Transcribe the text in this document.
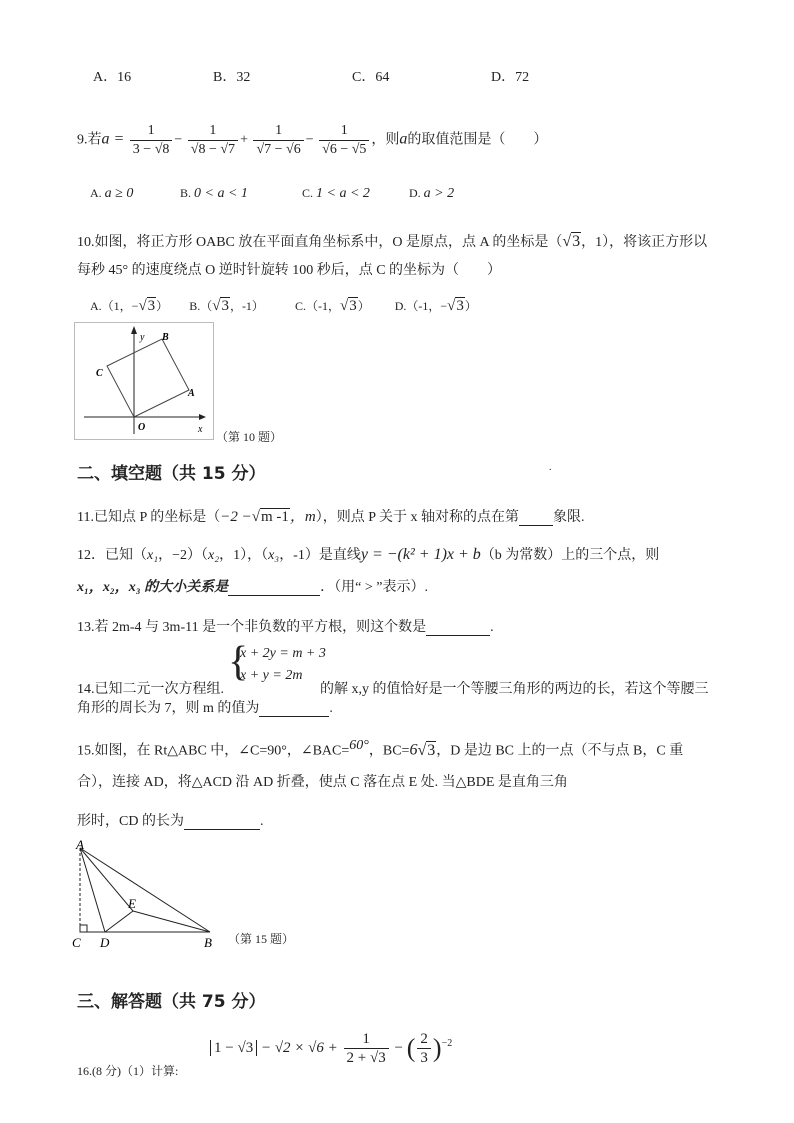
A．16	B．32	C．64	D．72
9.若$a = \frac{1}{3 - √8} - \frac{1}{√8 - √7} + \frac{1}{√7 - √6} - \frac{1}{√6 - √5}$ ，则a的取值范围是（　　）
A. a ≥ 0	B. 0 < a < 1	C. 1 < a < 2	D. a > 2
10.如图，将正方形 OABC 放在平面直角坐标系中，O 是原点，点 A 的坐标是（√3，1），将该正方形以
每秒 45° 的速度绕点 O 逆时针旋转 100 秒后，点 C 的坐标为（　　）
A.（1，−√3） B.（√3，-1）	C.（-1，√3） D.（-1，−√3）
y B
C
A
O	x
（第 10 题）
二、填空题（共 15 分）	.
11.已知点 P 的坐标是（−2 −√m -1，m），则点 P 关于 x 轴对称的点在第 象限.
12．已知（x₁，−2）（x₂，1），（x₃，-1）是直线y = −(k² + 1)x + b（b 为常数）上的三个点，则
x₁，x₂，x₃ 的大小关系是	．（用“ > ”表示）.
13.若 2m-4 与 3m-11 是一个非负数的平方根，则这个数是	.
{
x + 2y = m + 3
x + y = 2m
14.已知二元一次方程组.	的解 x,y 的值恰好是一个等腰三角形的两边的长，若这个等腰三
角形的周长为 7，则 m 的值为	.
15.如图，在 Rt△ABC 中，∠C=90°，∠BAC=$^{60^\circ}$，BC=6√3，D 是边 BC 上的一点（不与点 B，C 重
合），连接 AD，将△ACD 沿 AD 折叠，使点 C 落在点 E 处. 当△BDE 是直角三角
形时，CD 的长为	.
A
E
C D	B （第 15 题）
三、解答题（共 75 分）
16.(8 分)（1）计算:
$1 - √3 - √2 \times √6 + \frac{1}{2 + √3}$ − ( $\frac{2}{3} )^{-2}$
